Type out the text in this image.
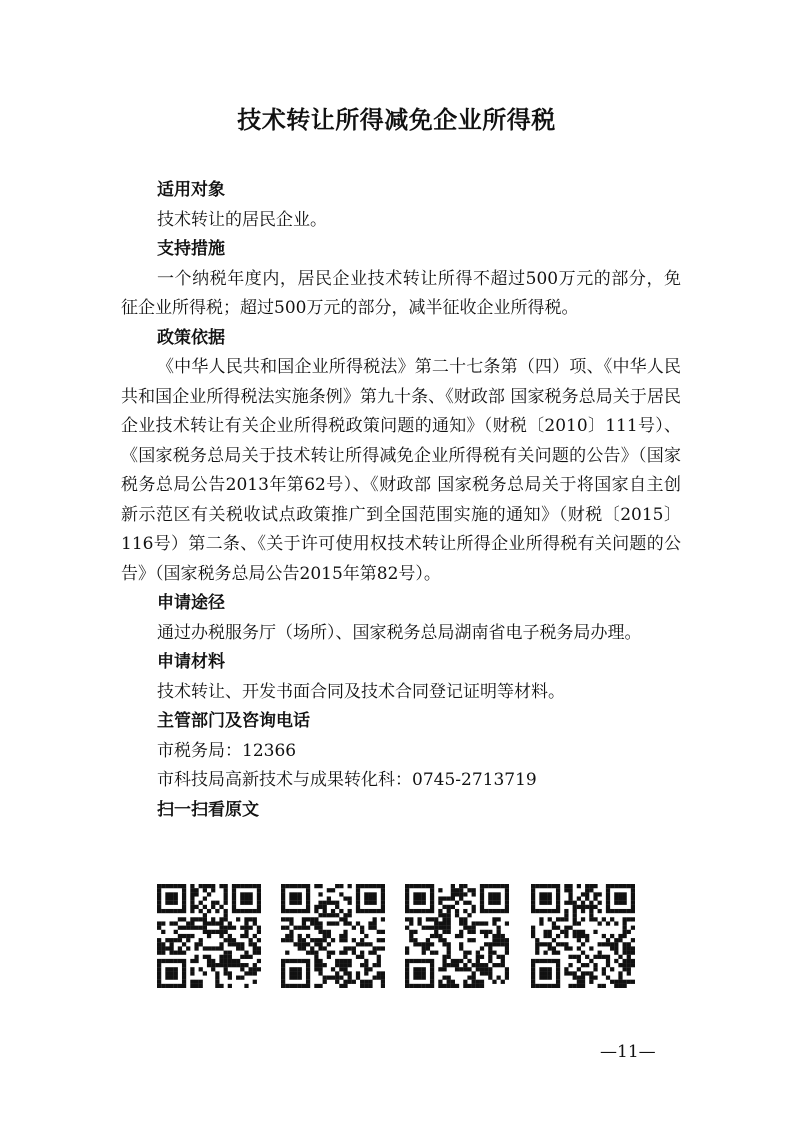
技术转让所得减免企业所得税
适用对象
技术转让的居民企业。
支持措施
一个纳税年度内，居民企业技术转让所得不超过500万元的部分，免征企业所得税；超过500万元的部分，减半征收企业所得税。
政策依据
《中华人民共和国企业所得税法》第二十七条第（四）项、《中华人民共和国企业所得税法实施条例》第九十条、《财政部 国家税务总局关于居民企业技术转让有关企业所得税政策问题的通知》（财税〔2010〕111号）、《国家税务总局关于技术转让所得减免企业所得税有关问题的公告》（国家税务总局公告2013年第62号）、《财政部 国家税务总局关于将国家自主创新示范区有关税收试点政策推广到全国范围实施的通知》（财税〔2015〕116号）第二条、《关于许可使用权技术转让所得企业所得税有关问题的公告》（国家税务总局公告2015年第82号）。
申请途径
通过办税服务厅（场所）、国家税务总局湖南省电子税务局办理。
申请材料
技术转让、开发书面合同及技术合同登记证明等材料。
主管部门及咨询电话
市税务局：12366
市科技局高新技术与成果转化科：0745-2713719
扫一扫看原文
—11—
